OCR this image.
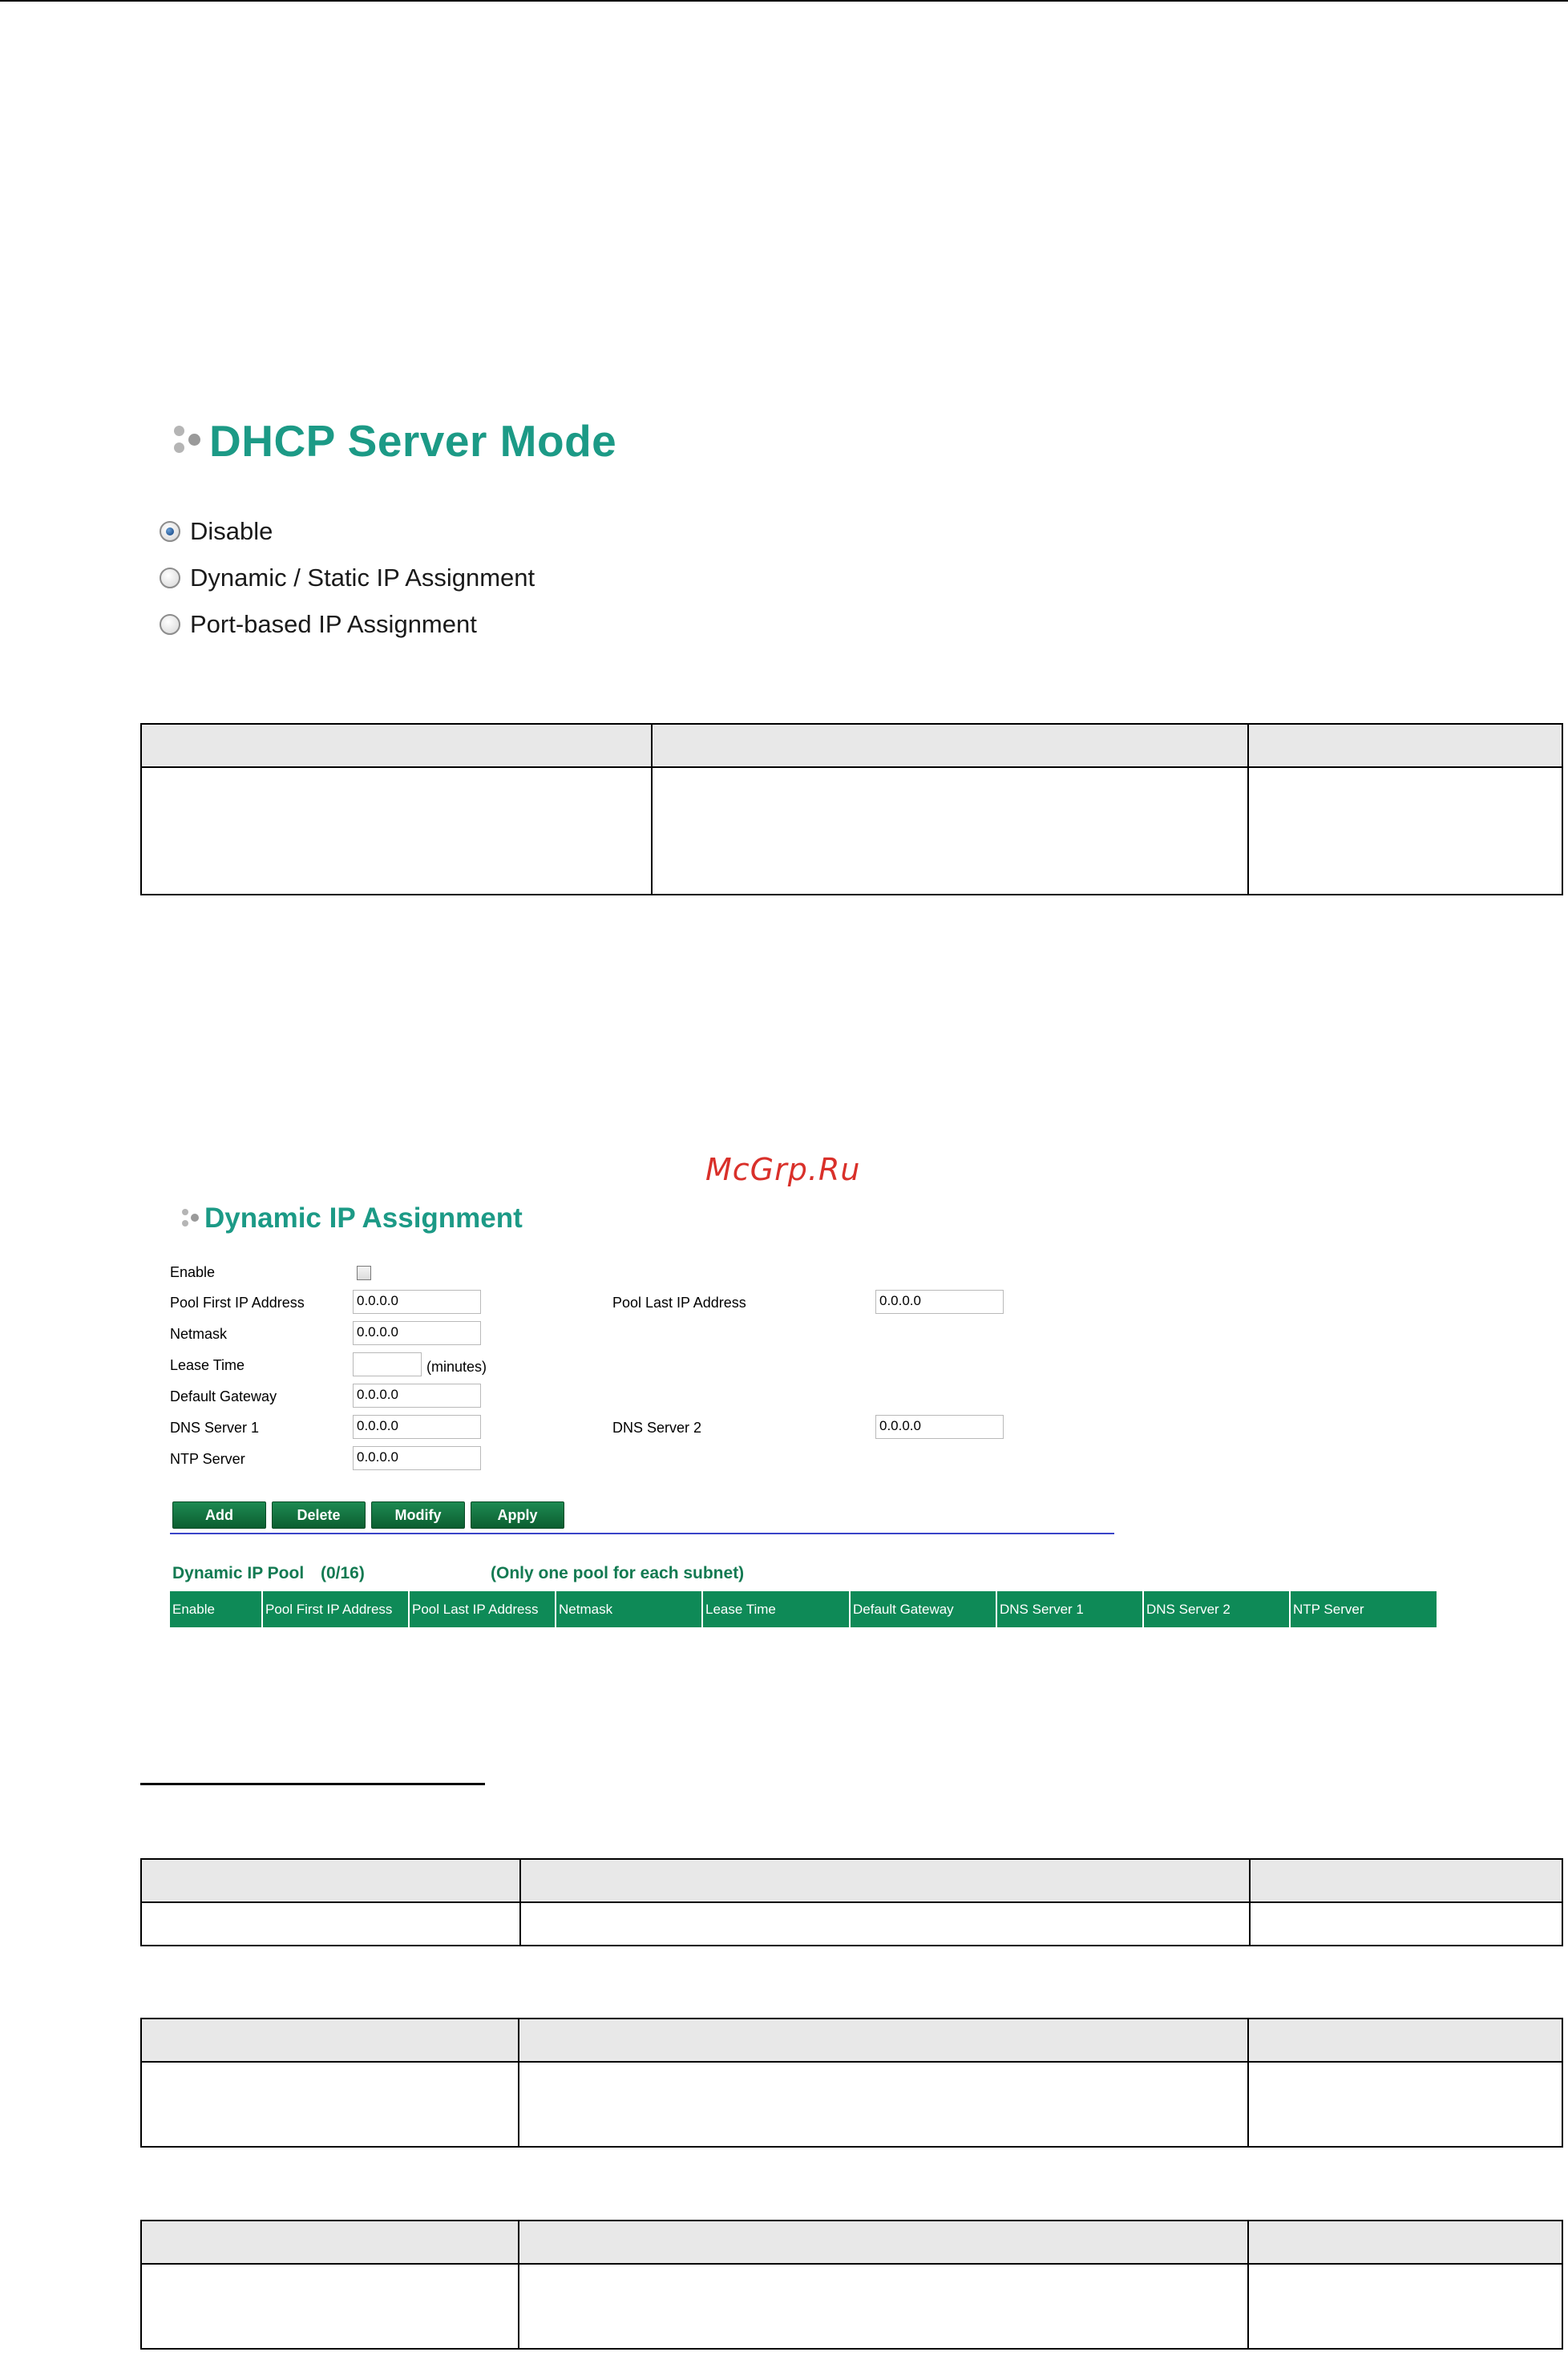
DHCP Server Mode
Disable
Dynamic / Static IP Assignment
Port-based IP Assignment

McGrp.Ru
Dynamic IP Assignment
Enable
Pool First IP Address	0.0.0.0	Pool Last IP Address	0.0.0.0
Netmask	0.0.0.0
Lease Time	(minutes)
Default Gateway	0.0.0.0
DNS Server 1	0.0.0.0	DNS Server 2	0.0.0.0
NTP Server	0.0.0.0
Add	Delete	Modify	Apply
Dynamic IP Pool (0/16)	(Only one pool for each subnet)
Enable	Pool First IP Address	Pool Last IP Address	Netmask	Lease Time	Default Gateway	DNS Server 1	DNS Server 2	NTP Server
